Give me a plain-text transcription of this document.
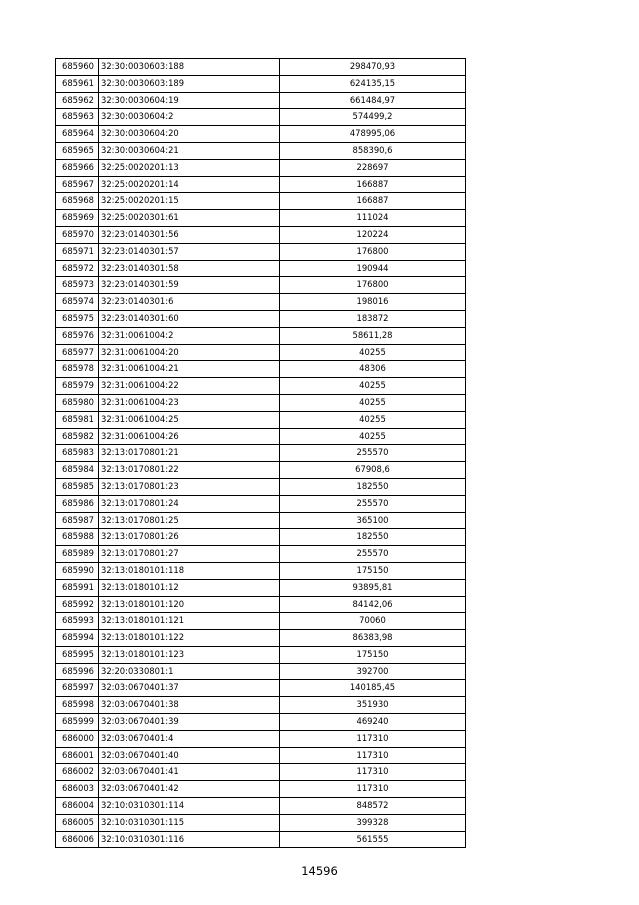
685960	32:30:0030603:188	298470,93
685961	32:30:0030603:189	624135,15
685962	32:30:0030604:19	661484,97
685963	32:30:0030604:2	574499,2
685964	32:30:0030604:20	478995,06
685965	32:30:0030604:21	858390,6
685966	32:25:0020201:13	228697
685967	32:25:0020201:14	166887
685968	32:25:0020201:15	166887
685969	32:25:0020301:61	111024
685970	32:23:0140301:56	120224
685971	32:23:0140301:57	176800
685972	32:23:0140301:58	190944
685973	32:23:0140301:59	176800
685974	32:23:0140301:6	198016
685975	32:23:0140301:60	183872
685976	32:31:0061004:2	58611,28
685977	32:31:0061004:20	40255
685978	32:31:0061004:21	48306
685979	32:31:0061004:22	40255
685980	32:31:0061004:23	40255
685981	32:31:0061004:25	40255
685982	32:31:0061004:26	40255
685983	32:13:0170801:21	255570
685984	32:13:0170801:22	67908,6
685985	32:13:0170801:23	182550
685986	32:13:0170801:24	255570
685987	32:13:0170801:25	365100
685988	32:13:0170801:26	182550
685989	32:13:0170801:27	255570
685990	32:13:0180101:118	175150
685991	32:13:0180101:12	93895,81
685992	32:13:0180101:120	84142,06
685993	32:13:0180101:121	70060
685994	32:13:0180101:122	86383,98
685995	32:13:0180101:123	175150
685996	32:20:0330801:1	392700
685997	32:03:0670401:37	140185,45
685998	32:03:0670401:38	351930
685999	32:03:0670401:39	469240
686000	32:03:0670401:4	117310
686001	32:03:0670401:40	117310
686002	32:03:0670401:41	117310
686003	32:03:0670401:42	117310
686004	32:10:0310301:114	848572
686005	32:10:0310301:115	399328
686006	32:10:0310301:116	561555
14596
